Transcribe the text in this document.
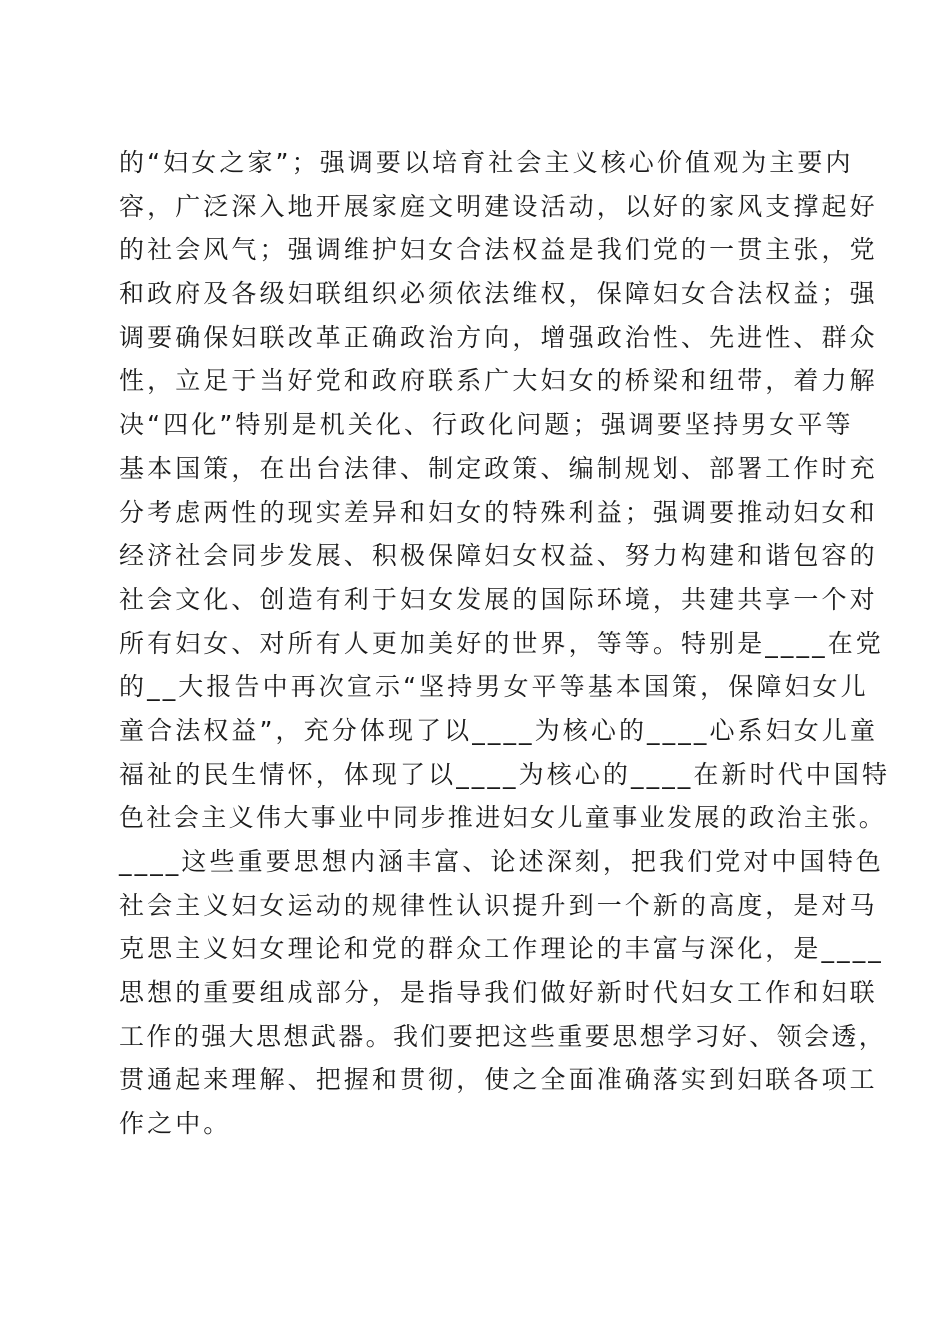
的“妇女之家”；强调要以培育社会主义核心价值观为主要内
容，广泛深入地开展家庭文明建设活动，以好的家风支撑起好
的社会风气；强调维护妇女合法权益是我们党的一贯主张，党
和政府及各级妇联组织必须依法维权，保障妇女合法权益；强
调要确保妇联改革正确政治方向，增强政治性、先进性、群众
性，立足于当好党和政府联系广大妇女的桥梁和纽带，着力解
决“四化”特别是机关化、行政化问题；强调要坚持男女平等
基本国策，在出台法律、制定政策、编制规划、部署工作时充
分考虑两性的现实差异和妇女的特殊利益；强调要推动妇女和
经济社会同步发展、积极保障妇女权益、努力构建和谐包容的
社会文化、创造有利于妇女发展的国际环境，共建共享一个对
所有妇女、对所有人更加美好的世界，等等。特别是____在党
的__大报告中再次宣示“坚持男女平等基本国策，保障妇女儿
童合法权益”，充分体现了以____为核心的____心系妇女儿童
福祉的民生情怀，体现了以____为核心的____在新时代中国特
色社会主义伟大事业中同步推进妇女儿童事业发展的政治主张。
____这些重要思想内涵丰富、论述深刻，把我们党对中国特色
社会主义妇女运动的规律性认识提升到一个新的高度，是对马
克思主义妇女理论和党的群众工作理论的丰富与深化，是____
思想的重要组成部分，是指导我们做好新时代妇女工作和妇联
工作的强大思想武器。我们要把这些重要思想学习好、领会透，
贯通起来理解、把握和贯彻，使之全面准确落实到妇联各项工
作之中。
